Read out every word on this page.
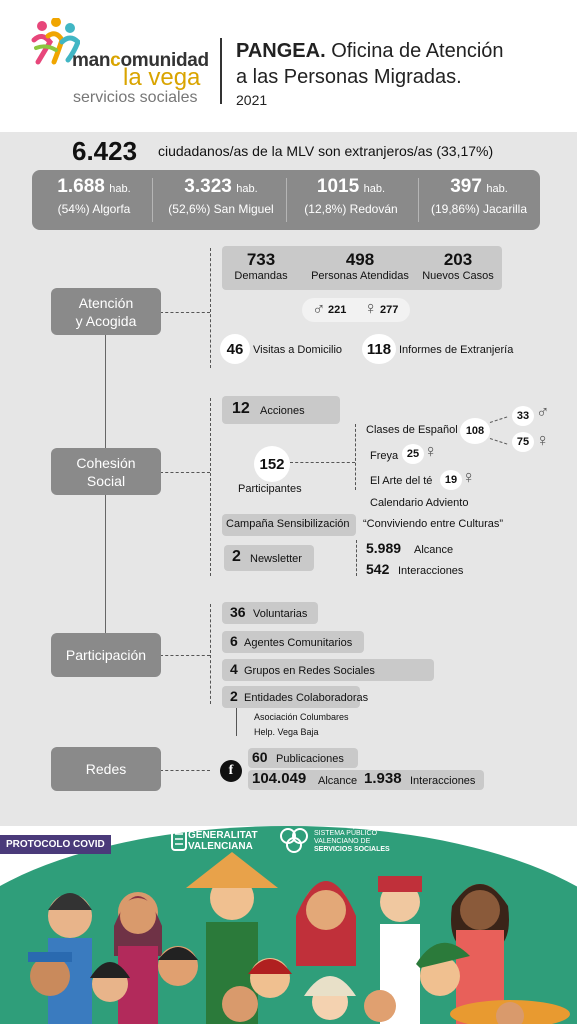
mancomunidad
la vega
servicios sociales
PANGEA. Oficina de Atención
a las Personas Migradas.
2021
6.423 ciudadanos/as de la MLV son extranjeros/as (33,17%)
1.688 hab.
(54%) Algorfa
3.323 hab.
(52,6%) San Miguel
1015 hab.
(12,8%) Redován
397 hab.
(19,86%) Jacarilla
Atención
y Acogida
Cohesión
Social
Participación
Redes
733
Demandas
498
Personas Atendidas
203
Nuevos Casos
♂ 221 ♀ 277
46 Visitas a Domicilio	118 Informes de Extranjería
12 Acciones
152
Participantes
Clases de Español 108
33 ♂
75 ♀
Freya 25 ♀
El Arte del té	19 ♀
Calendario Adviento
Campaña Sensibilización “Conviviendo entre Culturas”
2 Newsletter
5.989 Alcance
542 Interacciones
36 Voluntarias
6 Agentes Comunitarios
4 Grupos en Redes Sociales
2 Entidades Colaboradoras
Asociación Columbares
Help. Vega Baja
f
60 Publicaciones
104.049 Alcance 1.938 Interacciones
PROTOCOLO COVID
GENERALITAT
VALENCIANA
SISTEMA PÚBLICO
VALENCIANO DE
SERVICIOS SOCIALES
